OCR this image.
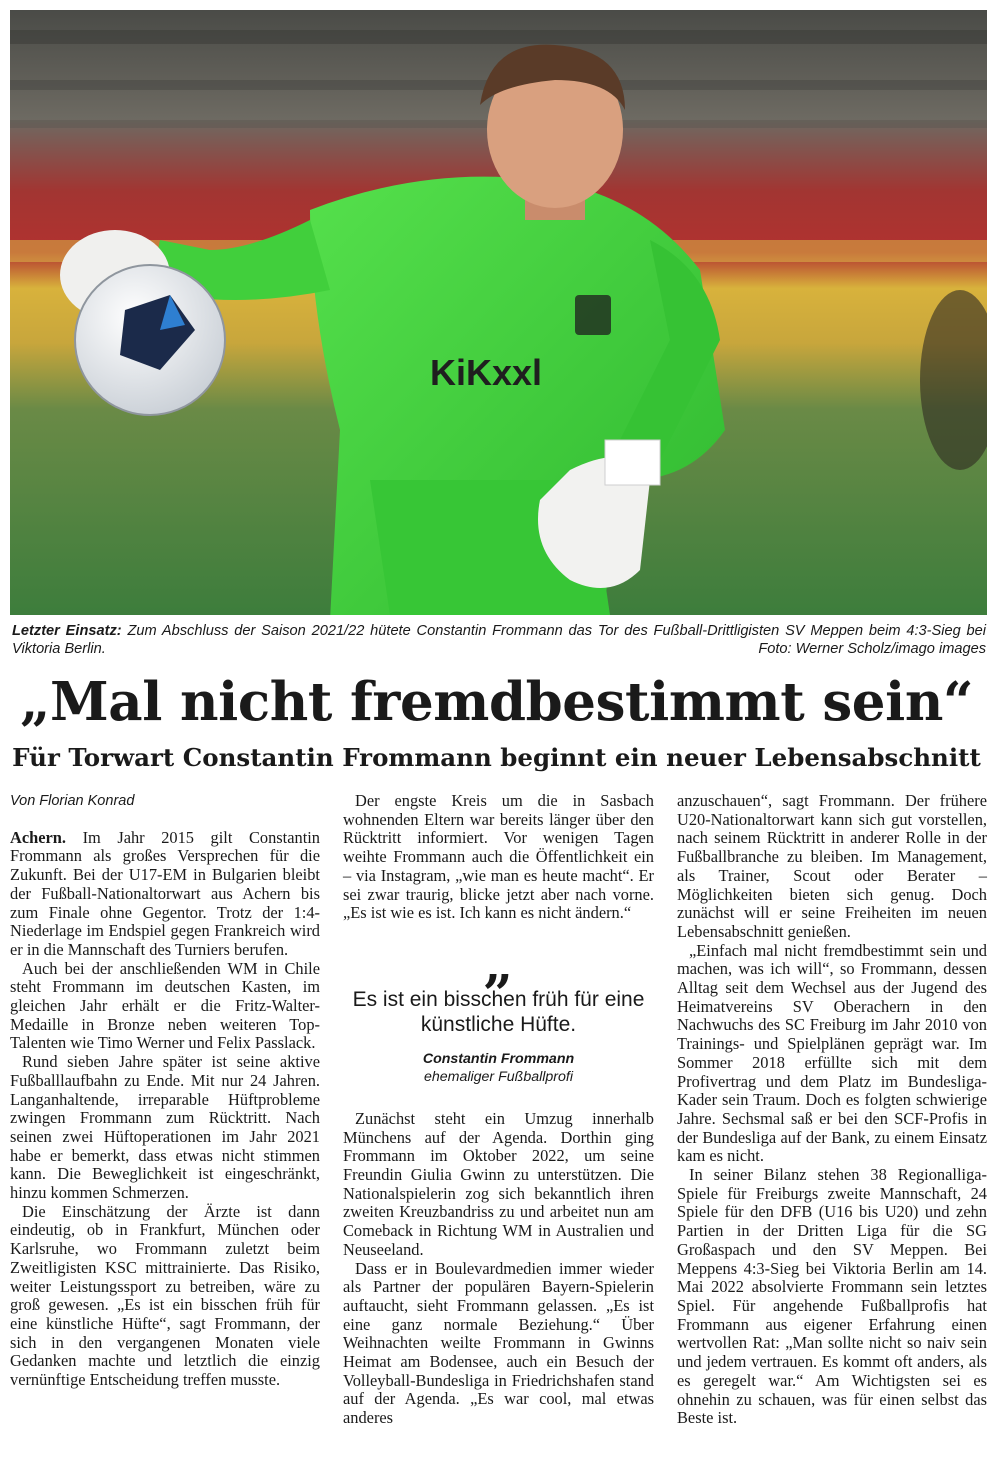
KiKxxl
Letzter Einsatz: Zum Abschluss der Saison 2021/22 hütete Constantin Frommann das Tor des Fußball-Drittligisten SV Meppen beim 4:3-Sieg bei Viktoria Berlin.	Foto: Werner Scholz/imago images
„Mal nicht fremdbestimmt sein“
Für Torwart Constantin Frommann beginnt ein neuer Lebensabschnitt

Von Florian Konrad

Achern. Im Jahr 2015 gilt Constantin Frommann als großes Versprechen für die Zukunft. Bei der U17-EM in Bulgarien bleibt der Fußball-Nationaltorwart aus Achern bis zum Finale ohne Gegentor. Trotz der 1:4-Niederlage im Endspiel gegen Frankreich wird er in die Mannschaft des Turniers berufen.

Auch bei der anschließenden WM in Chile steht Frommann im deutschen Kasten, im gleichen Jahr erhält er die Fritz-Walter-Medaille in Bronze neben weiteren Top-Talenten wie Timo Werner und Felix Passlack.

Rund sieben Jahre später ist seine aktive Fußballlaufbahn zu Ende. Mit nur 24 Jahren. Langanhaltende, irreparable Hüftprobleme zwingen Frommann zum Rücktritt. Nach seinen zwei Hüftoperationen im Jahr 2021 habe er bemerkt, dass etwas nicht stimmen kann. Die Beweglichkeit ist eingeschränkt, hinzu kommen Schmerzen.

Die Einschätzung der Ärzte ist dann eindeutig, ob in Frankfurt, München oder Karlsruhe, wo Frommann zuletzt beim Zweitligisten KSC mittrainierte. Das Risiko, weiter Leistungssport zu betreiben, wäre zu groß gewesen. „Es ist ein bisschen früh für eine künstliche Hüfte“, sagt Frommann, der sich in den vergangenen Monaten viele Gedanken machte und letztlich die einzig vernünftige Entscheidung treffen musste.

Der engste Kreis um die in Sasbach wohnenden Eltern war bereits länger über den Rücktritt informiert. Vor wenigen Tagen weihte Frommann auch die Öffentlichkeit ein – via Instagram, „wie man es heute macht“. Er sei zwar traurig, blicke jetzt aber nach vorne. „Es ist wie es ist. Ich kann es nicht ändern.“

„
Es ist ein bisschen früh für eine künstliche Hüfte.
Constantin Frommann
ehemaliger Fußballprofi

Zunächst steht ein Umzug innerhalb Münchens auf der Agenda. Dorthin ging Frommann im Oktober 2022, um seine Freundin Giulia Gwinn zu unterstützen. Die Nationalspielerin zog sich bekanntlich ihren zweiten Kreuzbandriss zu und arbeitet nun am Comeback in Richtung WM in Australien und Neuseeland.

Dass er in Boulevardmedien immer wieder als Partner der populären Bayern-Spielerin auftaucht, sieht Frommann gelassen. „Es ist eine ganz normale Beziehung.“ Über Weihnachten weilte Frommann in Gwinns Heimat am Bodensee, auch ein Besuch der Volleyball-Bundesliga in Friedrichshafen stand auf der Agenda. „Es war cool, mal etwas anderes

anzuschauen“, sagt Frommann. Der frühere U20-Nationaltorwart kann sich gut vorstellen, nach seinem Rücktritt in anderer Rolle in der Fußballbranche zu bleiben. Im Management, als Trainer, Scout oder Berater – Möglichkeiten bieten sich genug. Doch zunächst will er seine Freiheiten im neuen Lebensabschnitt genießen.

„Einfach mal nicht fremdbestimmt sein und machen, was ich will“, so Frommann, dessen Alltag seit dem Wechsel aus der Jugend des Heimatvereins SV Oberachern in den Nachwuchs des SC Freiburg im Jahr 2010 von Trainings- und Spielplänen geprägt war. Im Sommer 2018 erfüllte sich mit dem Profivertrag und dem Platz im Bundesliga-Kader sein Traum. Doch es folgten schwierige Jahre. Sechsmal saß er bei den SCF-Profis in der Bundesliga auf der Bank, zu einem Einsatz kam es nicht.

In seiner Bilanz stehen 38 Regionalliga-Spiele für Freiburgs zweite Mannschaft, 24 Spiele für den DFB (U16 bis U20) und zehn Partien in der Dritten Liga für die SG Großaspach und den SV Meppen. Bei Meppens 4:3-Sieg bei Viktoria Berlin am 14. Mai 2022 absolvierte Frommann sein letztes Spiel. Für angehende Fußballprofis hat Frommann aus eigener Erfahrung einen wertvollen Rat: „Man sollte nicht so naiv sein und jedem vertrauen. Es kommt oft anders, als es geregelt war.“ Am Wichtigsten sei es ohnehin zu schauen, was für einen selbst das Beste ist.
